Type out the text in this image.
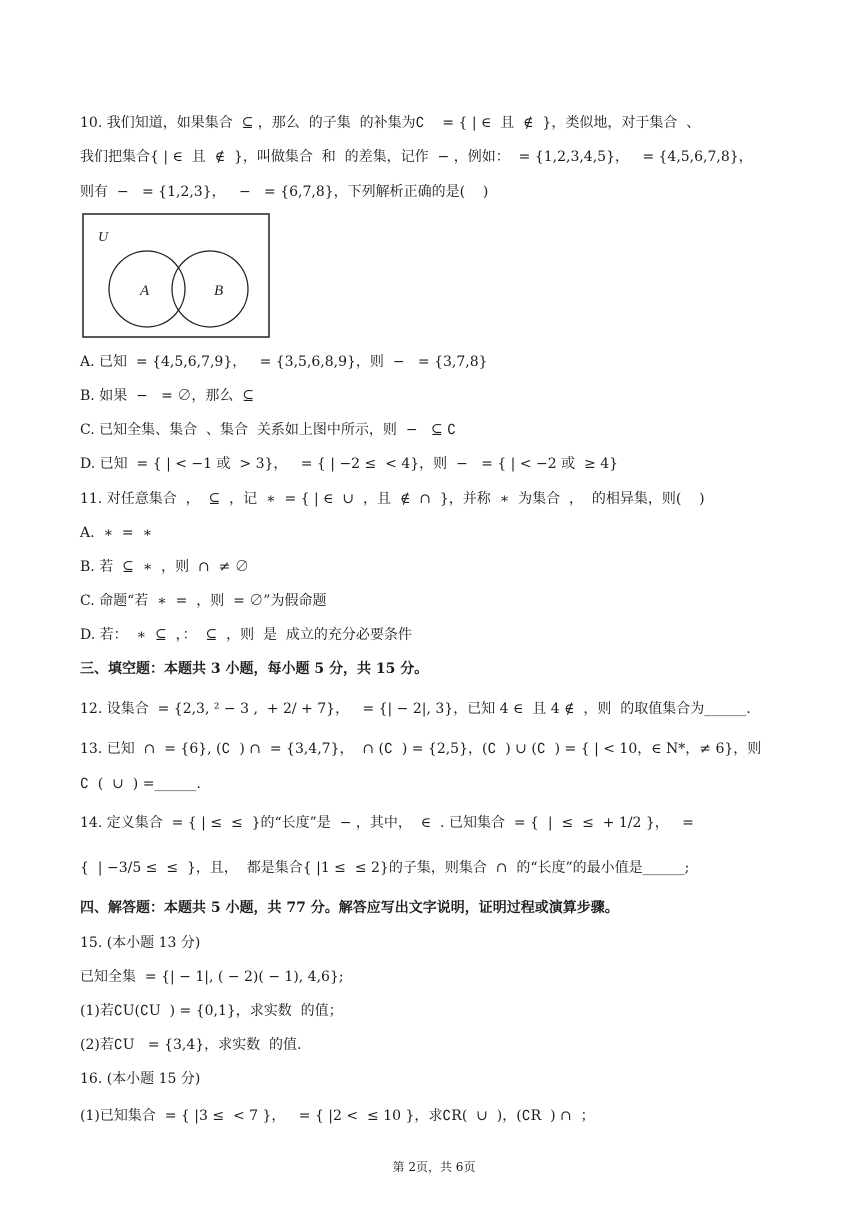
10. 我们知道，如果集合  ⊆ ，那么  的子集  的补集为∁    = { | ∈  且  ∉  }，类似地，对于集合  、
我们把集合{ | ∈  且  ∉  }，叫做集合  和  的差集，记作  − ，例如：  = {1,2,3,4,5}，   = {4,5,6,7,8}，
则有  −   = {1,2,3}，   −   = {6,7,8}，下列解析正确的是(    )
U
A	B
A. 已知  = {4,5,6,7,9}，   = {3,5,6,8,9}，则  −   = {3,7,8}
B. 如果  −   = ∅，那么  ⊆
C. 已知全集、集合  、集合  关系如上图中所示，则  −   ⊆ ∁
D. 已知  = { | < −1 或  > 3}，   = { | −2 ≤  < 4}，则  −   = { | < −2 或  ≥ 4}
11. 对任意集合  ，  ⊆  ，记  ∗  = { | ∈  ∪  ，且  ∉  ∩  }，并称  ∗  为集合  ，  的相异集，则(    )
A.  ∗  =  ∗
B. 若  ⊆  ∗  ，则  ∩  ≠ ∅
C. 命题“若  ∗  =  ，则  = ∅”为假命题
D. 若：  ∗  ⊆  ，：  ⊆  ，则  是  成立的充分必要条件
三、填空题：本题共 3 小题，每小题 5 分，共 15 分。
12. 设集合  = {2,3, ² − 3 ,  + 2/ + 7}，   = {| − 2|, 3}，已知 4 ∈  且 4 ∉  ，则  的取值集合为______.
13. 已知  ∩  = {6}, (∁  ) ∩  = {3,4,7}，  ∩ (∁  ) = {2,5}，(∁  ) ∪ (∁  ) = { | < 10，∈ N*，≠ 6}，则
∁  (  ∪  ) =______.
14. 定义集合  = { | ≤  ≤  }的“长度”是  − ，其中，  ∈  . 已知集合  = {  |  ≤  ≤  + 1/2 }，   =
{  | −3/5 ≤  ≤  }，且，  都是集合{ |1 ≤  ≤ 2}的子集，则集合  ∩  的“长度”的最小值是______;
四、解答题：本题共 5 小题，共 77 分。解答应写出文字说明，证明过程或演算步骤。
15. (本小题 13 分)
已知全集  = {| − 1|, ( − 2)( − 1), 4,6};
(1)若∁U(∁U  ) = {0,1}，求实数  的值；
(2)若∁U   = {3,4}，求实数  的值.
16. (本小题 15 分)
(1)已知集合  = { |3 ≤  < 7 }，   = { |2 <  ≤ 10 }，求∁R(  ∪  )，(∁R  ) ∩  ；
第 2页，共 6页
